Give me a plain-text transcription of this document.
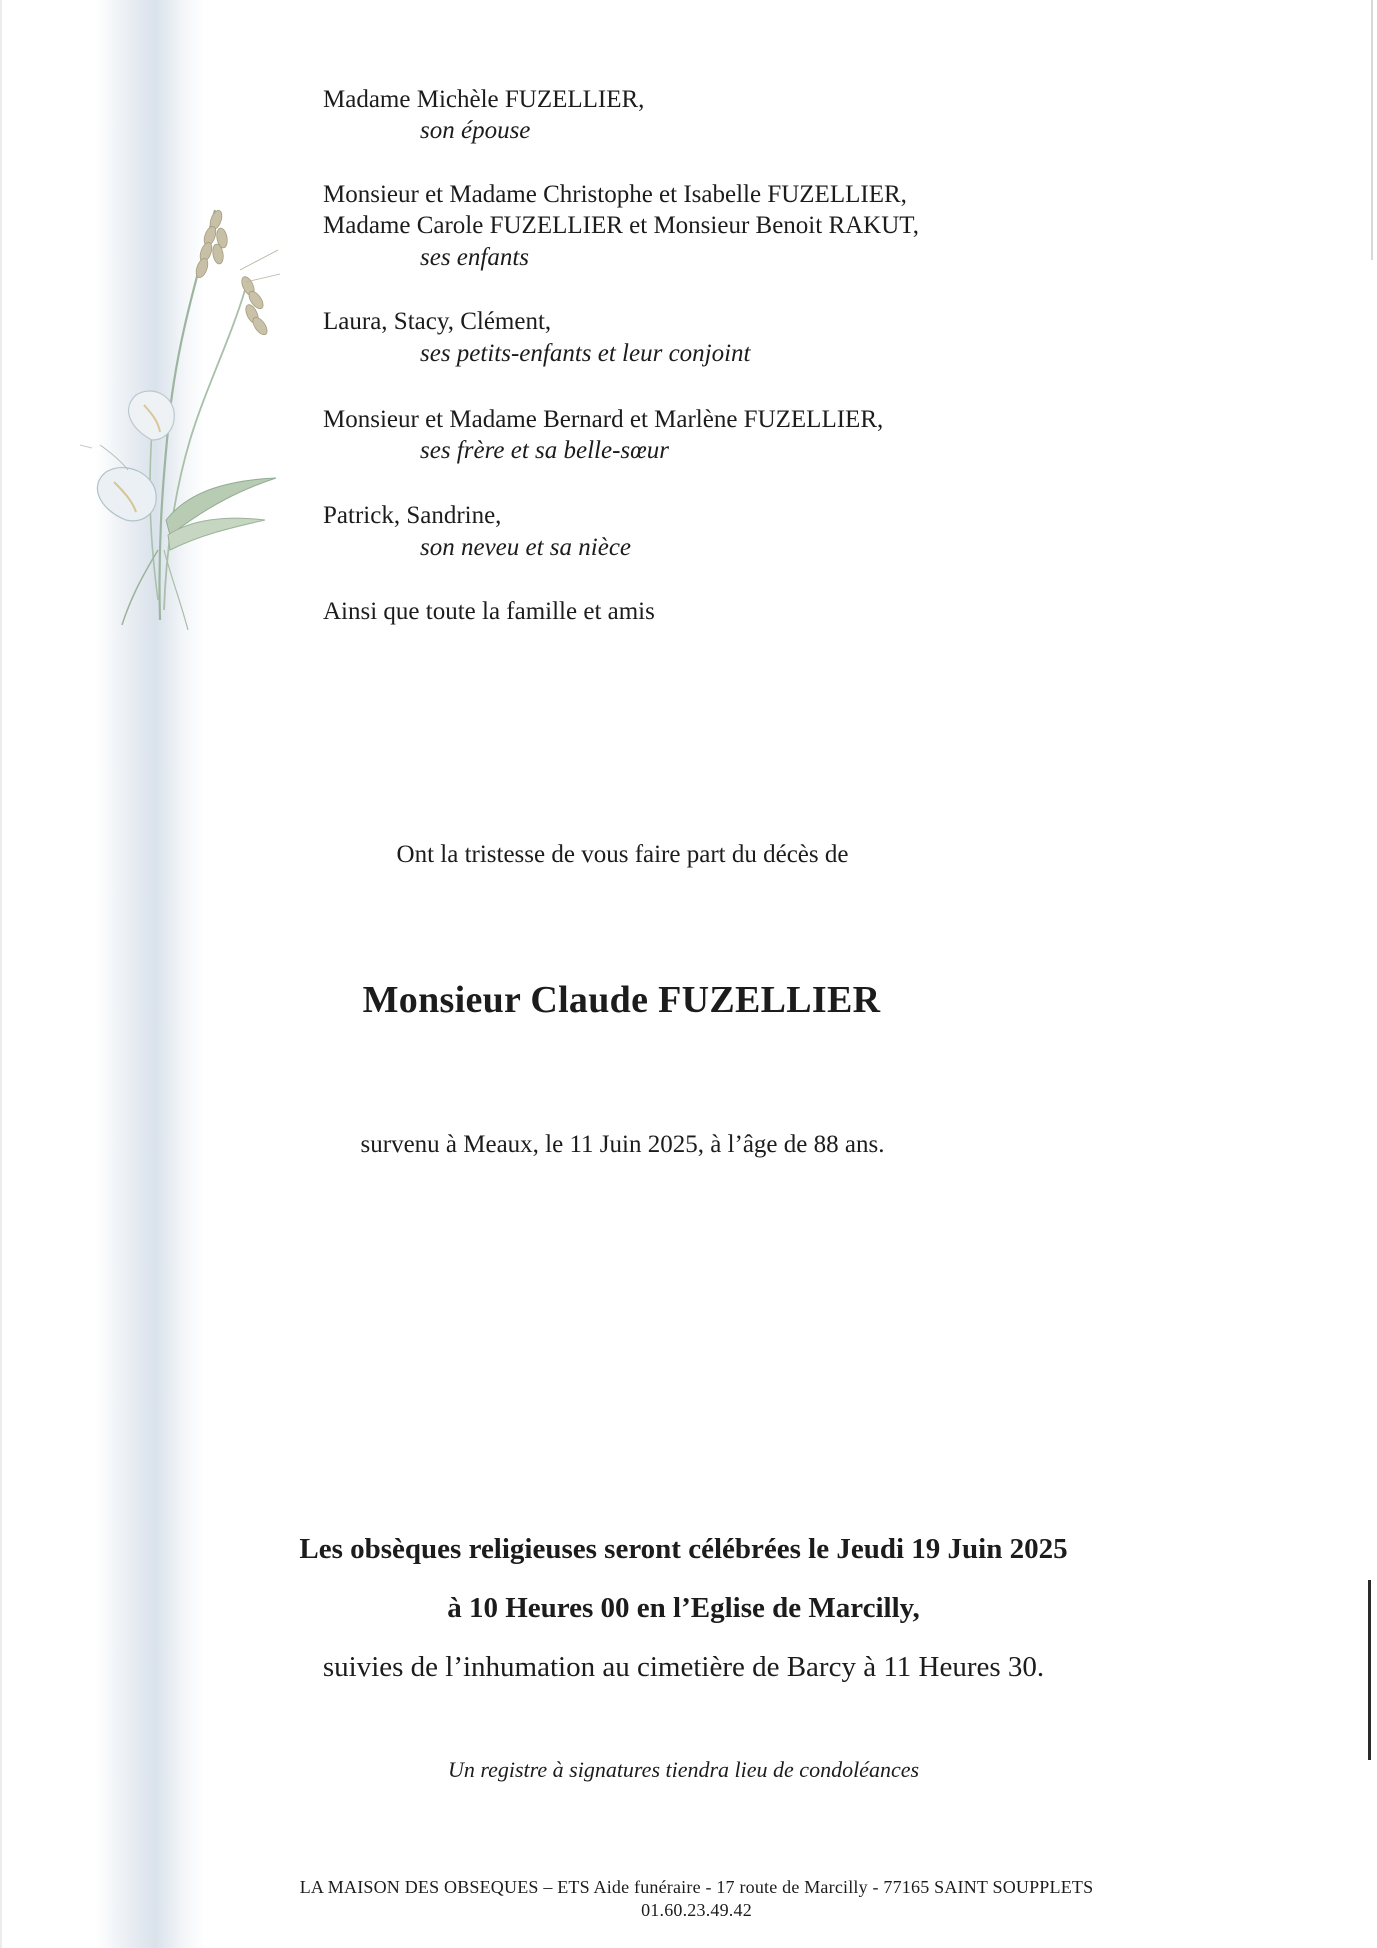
Madame Michèle FUZELLIER,
son épouse
Monsieur et Madame Christophe et Isabelle FUZELLIER,
Madame Carole FUZELLIER et Monsieur Benoit RAKUT,
ses enfants
Laura, Stacy, Clément,
ses petits-enfants et leur conjoint
Monsieur et Madame Bernard et Marlène FUZELLIER,
ses frère et sa belle-sœur
Patrick, Sandrine,
son neveu et sa nièce
Ainsi que toute la famille et amis
Ont la tristesse de vous faire part du décès de
Monsieur Claude FUZELLIER
survenu à Meaux, le 11 Juin 2025, à l’âge de 88 ans.
Les obsèques religieuses seront célébrées le Jeudi 19 Juin 2025
à 10 Heures 00 en l’Eglise de Marcilly,
suivies de l’inhumation au cimetière de Barcy à 11 Heures 30.
Un registre à signatures tiendra lieu de condoléances
LA MAISON DES OBSEQUES – ETS Aide funéraire - 17 route de Marcilly - 77165 SAINT SOUPPLETS
01.60.23.49.42
